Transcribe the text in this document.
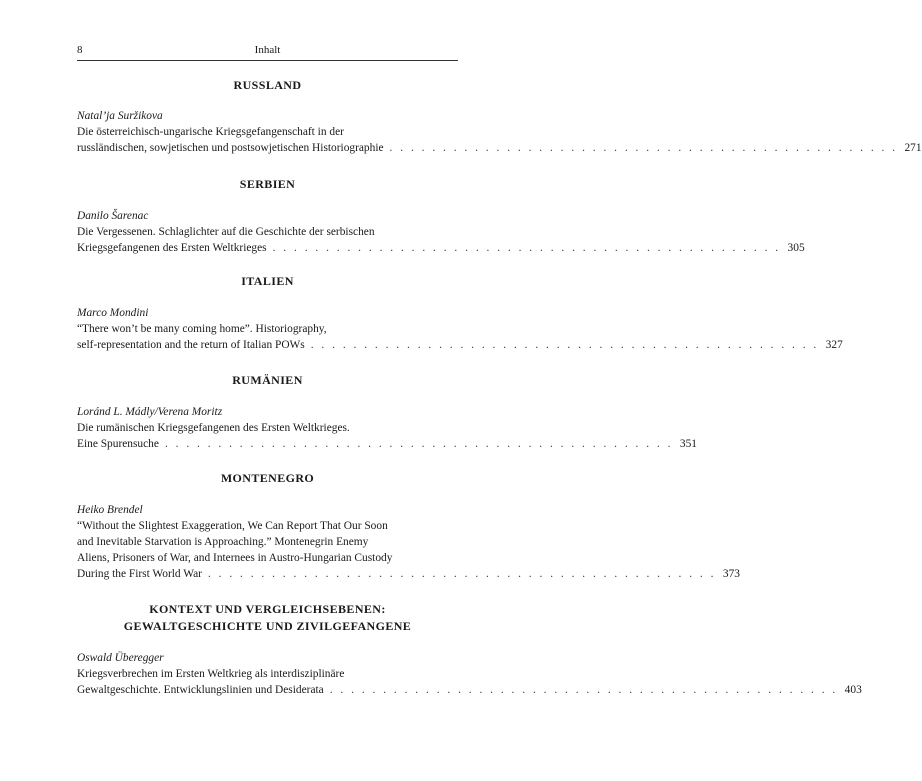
8	Inhalt
RUSSLAND
Natal’ja Suržikova
Die österreichisch-ungarische Kriegsgefangenschaft in der
russländischen, sowjetischen und postsowjetischen Historiographie . . . . . . . . . . . . . . . . . . . . . . . . . . . . . . . . . . . . . . . . . . . . . . . . 271
SERBIEN
Danilo Šarenac
Die Vergessenen. Schlaglichter auf die Geschichte der serbischen
Kriegsgefangenen des Ersten Weltkrieges . . . . . . . . . . . . . . . . . . . . . . . . . . . . . . . . . . . . . . . . . . . . . . . . 305
ITALIEN
Marco Mondini
“There won’t be many coming home”. Historiography,
self-representation and the return of Italian POWs . . . . . . . . . . . . . . . . . . . . . . . . . . . . . . . . . . . . . . . . . . . . . . . . 327
RUMÄNIEN
Loránd L. Mádly/Verena Moritz
Die rumänischen Kriegsgefangenen des Ersten Weltkrieges.
Eine Spurensuche . . . . . . . . . . . . . . . . . . . . . . . . . . . . . . . . . . . . . . . . . . . . . . . . 351
MONTENEGRO
Heiko Brendel
“Without the Slightest Exaggeration, We Can Report That Our Soon
and Inevitable Starvation is Approaching.” Montenegrin Enemy
Aliens, Prisoners of War, and Internees in Austro-Hungarian Custody
During the First World War . . . . . . . . . . . . . . . . . . . . . . . . . . . . . . . . . . . . . . . . . . . . . . . . 373
KONTEXT UND VERGLEICHSEBENEN:
GEWALTGESCHICHTE UND ZIVILGEFANGENE
Oswald Überegger
Kriegsverbrechen im Ersten Weltkrieg als interdisziplinäre
Gewaltgeschichte. Entwicklungslinien und Desiderata . . . . . . . . . . . . . . . . . . . . . . . . . . . . . . . . . . . . . . . . . . . . . . . . 403
